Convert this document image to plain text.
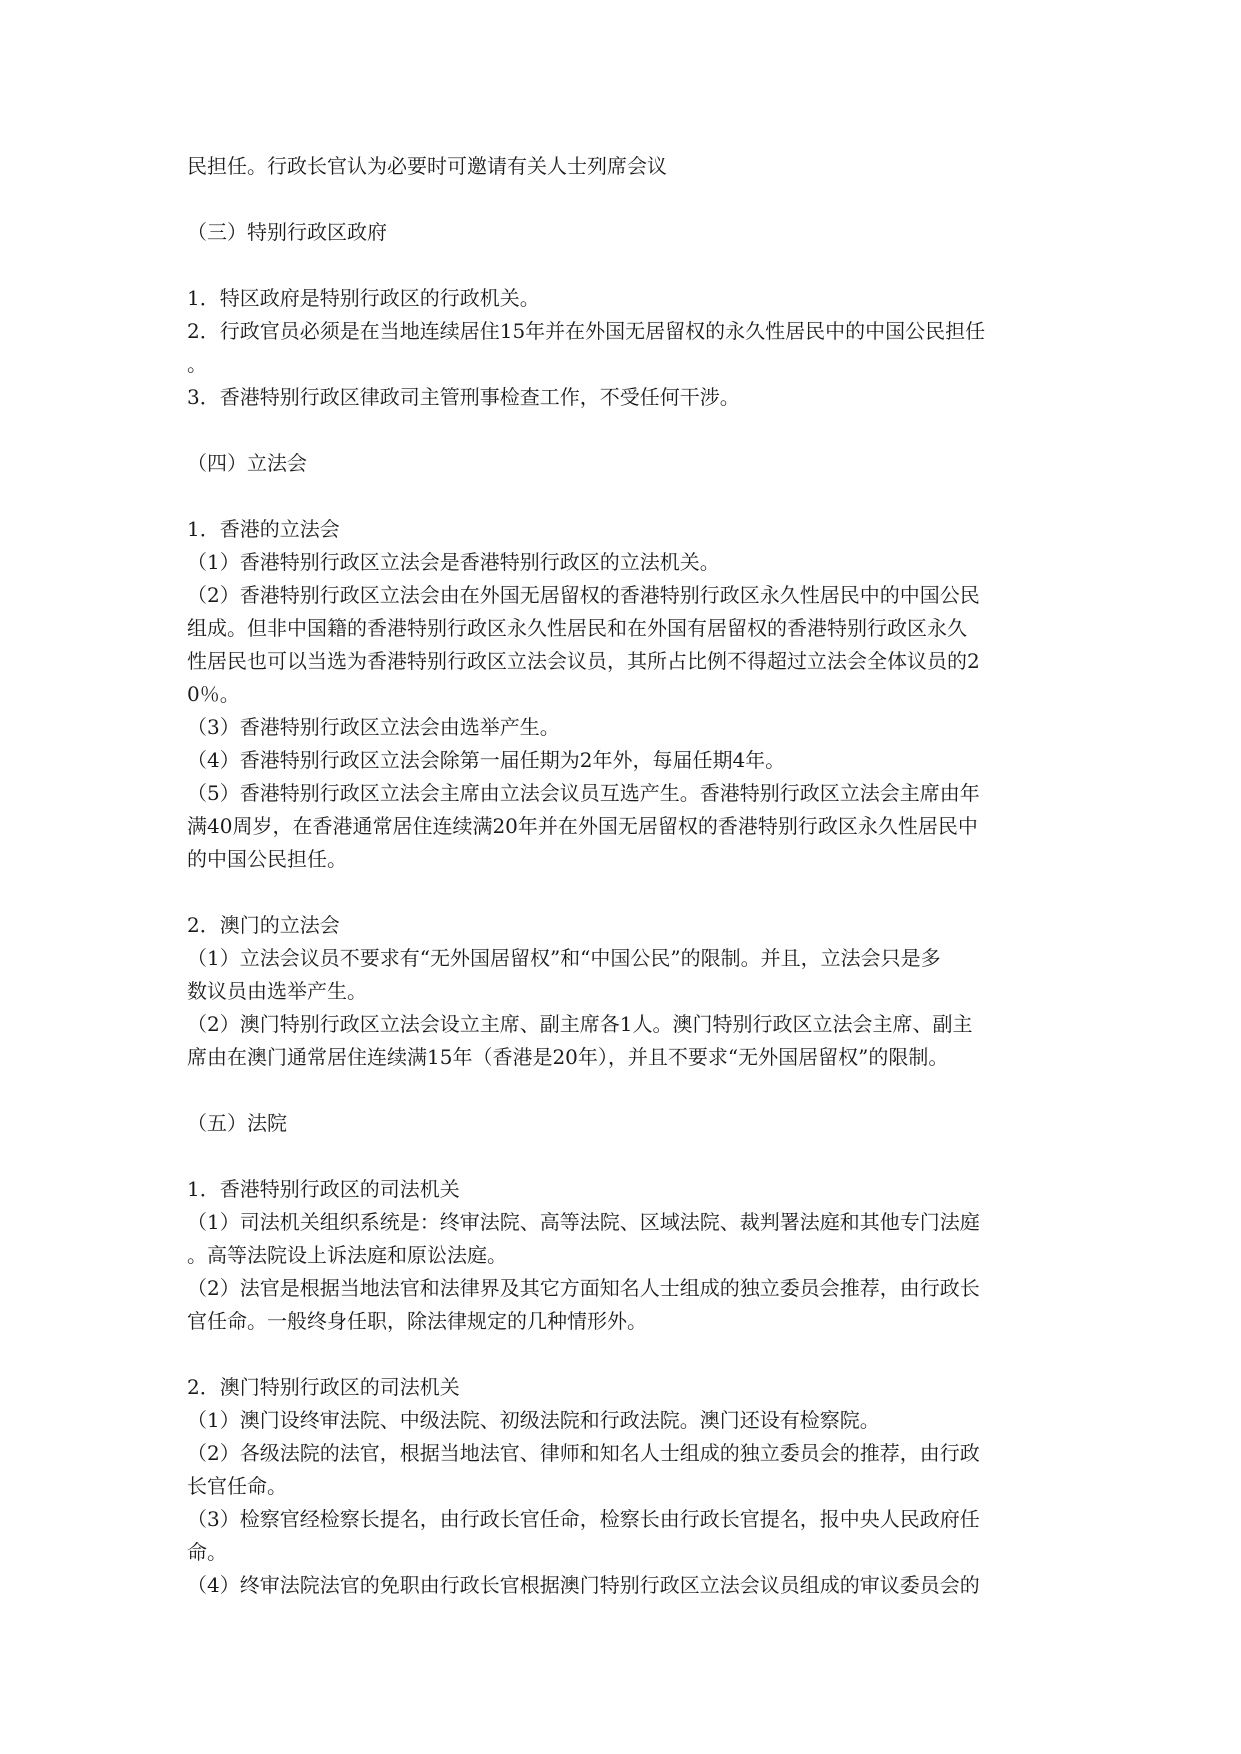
民担任。行政长官认为必要时可邀请有关人士列席会议
（三）特别行政区政府
1．特区政府是特别行政区的行政机关。
2．行政官员必须是在当地连续居住15年并在外国无居留权的永久性居民中的中国公民担任
。
3．香港特别行政区律政司主管刑事检查工作，不受任何干涉。
（四）立法会
1．香港的立法会
（1）香港特别行政区立法会是香港特别行政区的立法机关。
（2）香港特别行政区立法会由在外国无居留权的香港特别行政区永久性居民中的中国公民
组成。但非中国籍的香港特别行政区永久性居民和在外国有居留权的香港特别行政区永久
性居民也可以当选为香港特别行政区立法会议员，其所占比例不得超过立法会全体议员的2
0％。
（3）香港特别行政区立法会由选举产生。
（4）香港特别行政区立法会除第一届任期为2年外，每届任期4年。
（5）香港特别行政区立法会主席由立法会议员互选产生。香港特别行政区立法会主席由年
满40周岁，在香港通常居住连续满20年并在外国无居留权的香港特别行政区永久性居民中
的中国公民担任。
2．澳门的立法会
（1）立法会议员不要求有“无外国居留权”和“中国公民”的限制。并且，立法会只是多
数议员由选举产生。
（2）澳门特别行政区立法会设立主席、副主席各1人。澳门特别行政区立法会主席、副主
席由在澳门通常居住连续满15年（香港是20年），并且不要求“无外国居留权”的限制。
（五）法院
1．香港特别行政区的司法机关
（1）司法机关组织系统是：终审法院、高等法院、区域法院、裁判署法庭和其他专门法庭
。高等法院设上诉法庭和原讼法庭。
（2）法官是根据当地法官和法律界及其它方面知名人士组成的独立委员会推荐，由行政长
官任命。一般终身任职，除法律规定的几种情形外。
2．澳门特别行政区的司法机关
（1）澳门设终审法院、中级法院、初级法院和行政法院。澳门还设有检察院。
（2）各级法院的法官，根据当地法官、律师和知名人士组成的独立委员会的推荐，由行政
长官任命。
（3）检察官经检察长提名，由行政长官任命，检察长由行政长官提名，报中央人民政府任
命。
（4）终审法院法官的免职由行政长官根据澳门特别行政区立法会议员组成的审议委员会的
